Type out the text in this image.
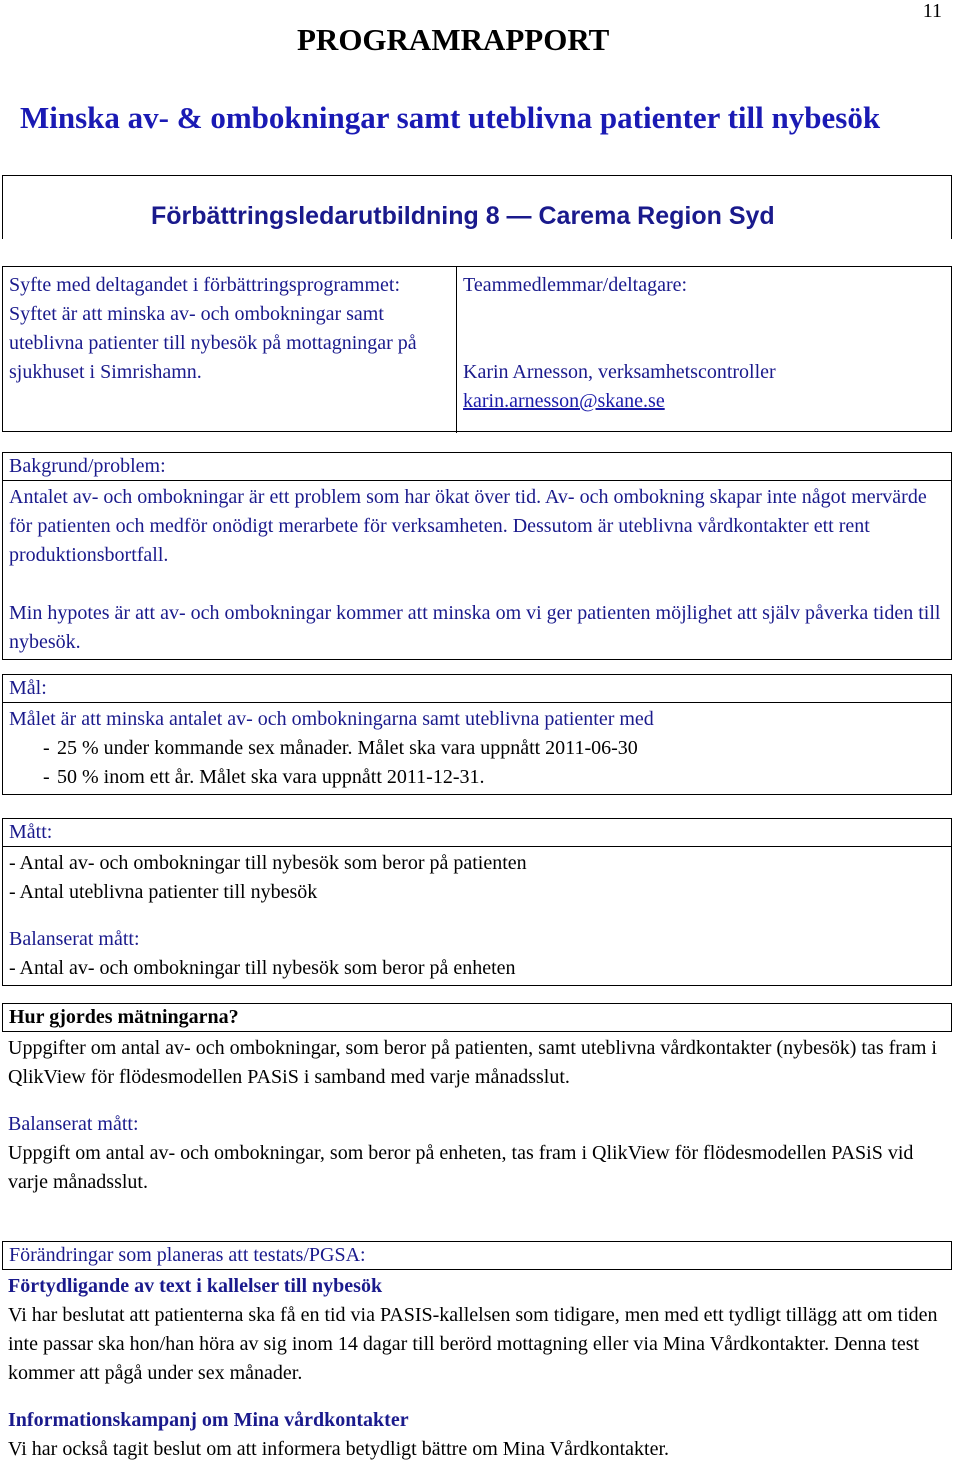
11
PROGRAMRAPPORT
Minska av- & ombokningar samt uteblivna patienter till nybesök
Förbättringsledarutbildning 8 — Carema Region Syd
Syfte med deltagandet i förbättringsprogrammet:
Syftet är att minska av- och ombokningar samt uteblivna patienter till nybesök på mottagningar på sjukhuset i Simrishamn.
Teammedlemmar/deltagare:
Karin Arnesson, verksamhetscontroller
karin.arnesson@skane.se
Bakgrund/problem:

Antalet av- och ombokningar är ett problem som har ökat över tid. Av- och ombokning skapar inte något mervärde för patienten och medför onödigt merarbete för verksamheten. Dessutom är uteblivna vårdkontakter ett rent produktionsbortfall.

Min hypotes är att av- och ombokningar kommer att minska om vi ger patienten möjlighet att själv påverka tiden till nybesök.

Mål:

Målet är att minska antalet av- och ombokningarna samt uteblivna patienter med

- 25 % under kommande sex månader. Målet ska vara uppnått 2011-06-30
- 50 % inom ett år. Målet ska vara uppnått 2011-12-31.
Mått:

- Antal av- och ombokningar till nybesök som beror på patienten

- Antal uteblivna patienter till nybesök

Balanserat mått:

- Antal av- och ombokningar till nybesök som beror på enheten

Hur gjordes mätningarna?

Uppgifter om antal av- och ombokningar, som beror på patienten, samt uteblivna vårdkontakter (nybesök) tas fram i QlikView för flödesmodellen PASiS i samband med varje månadsslut.

Balanserat mått:

Uppgift om antal av- och ombokningar, som beror på enheten, tas fram i QlikView för flödesmodellen PASiS vid varje månadsslut.

Förändringar som planeras att testats/PGSA:

Förtydligande av text i kallelser till nybesök

Vi har beslutat att patienterna ska få en tid via PASIS-kallelsen som tidigare, men med ett tydligt tillägg att om tiden inte passar ska hon/han höra av sig inom 14 dagar till berörd mottagning eller via Mina Vårdkontakter. Denna test kommer att pågå under sex månader.

Informationskampanj om Mina vårdkontakter

Vi har också tagit beslut om att informera betydligt bättre om Mina Vårdkontakter.
